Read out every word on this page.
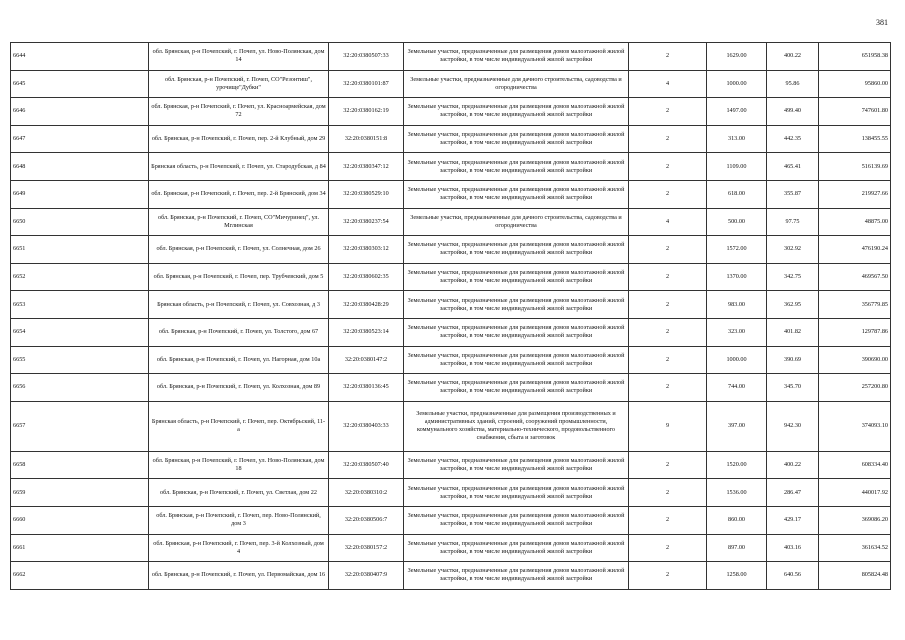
381
6644	обл. Брянская, р-н Почепский, г. Почеп, ул. Ново-Полянская, дом 14	32:20:0380507:33	Земельные участки, предназначенные для размещения домов малоэтажной жилой застройки, в том числе индивидуальной жилой застройки	2	1629.00	400.22	651958.38
6645	обл. Брянская, р-н Почепский, г. Почеп, СО"Резонтиш", урочище"Дубки"	32:20:0380101:87	Земельные участки, предназначенные для дачного строительства, садоводства и огородничества	4	1000.00	95.86	95860.00
6646	обл. Брянская, р-н Почепский, г. Почеп, ул. Красноармейская, дом 72	32:20:0380162:19	Земельные участки, предназначенные для размещения домов малоэтажной жилой застройки, в том числе индивидуальной жилой застройки	2	1497.00	499.40	747601.80
6647	обл. Брянская, р-н Почепский, г. Почеп, пер. 2-й Клубный, дом 29	32:20:0380151:8	Земельные участки, предназначенные для размещения домов малоэтажной жилой застройки, в том числе индивидуальной жилой застройки	2	313.00	442.35	138455.55
6648	Брянская область, р-н Почепский, г. Почеп, ул. Стародубская, д 84	32:20:0380347:12	Земельные участки, предназначенные для размещения домов малоэтажной жилой застройки, в том числе индивидуальной жилой застройки	2	1109.00	465.41	516139.69
6649	обл. Брянская, р-н Почепский, г. Почеп, пер. 2-й Брянский, дом 34	32:20:0380529:10	Земельные участки, предназначенные для размещения домов малоэтажной жилой застройки, в том числе индивидуальной жилой застройки	2	618.00	355.87	219927.66
6650	обл. Брянская, р-н Почепский, г. Почеп, СО"Мичуринец", ул. Мглинская	32:20:0380237:54	Земельные участки, предназначенные для дачного строительства, садоводства и огородничества	4	500.00	97.75	48875.00
6651	обл. Брянская, р-н Почепский, г. Почеп, ул. Солнечная, дом 26	32:20:0380303:12	Земельные участки, предназначенные для размещения домов малоэтажной жилой застройки, в том числе индивидуальной жилой застройки	2	1572.00	302.92	476190.24
6652	обл. Брянская, р-н Почепский, г. Почеп, пер. Трубчевский, дом 5	32:20:0380602:35	Земельные участки, предназначенные для размещения домов малоэтажной жилой застройки, в том числе индивидуальной жилой застройки	2	1370.00	342.75	469567.50
6653	Брянская область, р-н Почепский, г. Почеп, ул. Совхозная, д 3	32:20:0380428:29	Земельные участки, предназначенные для размещения домов малоэтажной жилой застройки, в том числе индивидуальной жилой застройки	2	983.00	362.95	356779.85
6654	обл. Брянская, р-н Почепский, г. Почеп, ул. Толстого, дом 67	32:20:0380523:14	Земельные участки, предназначенные для размещения домов малоэтажной жилой застройки, в том числе индивидуальной жилой застройки	2	323.00	401.82	129787.86
6655	обл. Брянская, р-н Почепский, г. Почеп, ул. Нагорная, дом 10а	32:20:0380147:2	Земельные участки, предназначенные для размещения домов малоэтажной жилой застройки, в том числе индивидуальной жилой застройки	2	1000.00	390.69	390690.00
6656	обл. Брянская, р-н Почепский, г. Почеп, ул. Колхозная, дом 89	32:20:0380136:45	Земельные участки, предназначенные для размещения домов малоэтажной жилой застройки, в том числе индивидуальной жилой застройки	2	744.00	345.70	257200.80
6657	Брянская область, р-н Почепский, г. Почеп, пер. Октябрьский, 11-а	32:20:0380403:33	Земельные участки, предназначенные для размещения производственных и административных зданий, строений, сооружений промышленности, коммунального хозяйства, материально-технического, продовольственного снабжения, сбыта и заготовок	9	397.00	942.30	374093.10
6658	обл. Брянская, р-н Почепский, г. Почеп, ул. Ново-Полянская, дом 18	32:20:0380507:40	Земельные участки, предназначенные для размещения домов малоэтажной жилой застройки, в том числе индивидуальной жилой застройки	2	1520.00	400.22	608334.40
6659	обл. Брянская, р-н Почепский, г. Почеп, ул. Светлая, дом 22	32:20:0380310:2	Земельные участки, предназначенные для размещения домов малоэтажной жилой застройки, в том числе индивидуальной жилой застройки	2	1536.00	286.47	440017.92
6660	обл. Брянская, р-н Почепский, г. Почеп, пер. Ново-Полянский, дом 3	32:20:0380506:7	Земельные участки, предназначенные для размещения домов малоэтажной жилой застройки, в том числе индивидуальной жилой застройки	2	860.00	429.17	369086.20
6661	обл. Брянская, р-н Почепский, г. Почеп, пер. 3-й Колхозный, дом 4	32:20:0380157:2	Земельные участки, предназначенные для размещения домов малоэтажной жилой застройки, в том числе индивидуальной жилой застройки	2	897.00	403.16	361634.52
6662	обл. Брянская, р-н Почепский, г. Почеп, ул. Первомайская, дом 16	32:20:0380407:9	Земельные участки, предназначенные для размещения домов малоэтажной жилой застройки, в том числе индивидуальной жилой застройки	2	1258.00	640.56	805824.48
